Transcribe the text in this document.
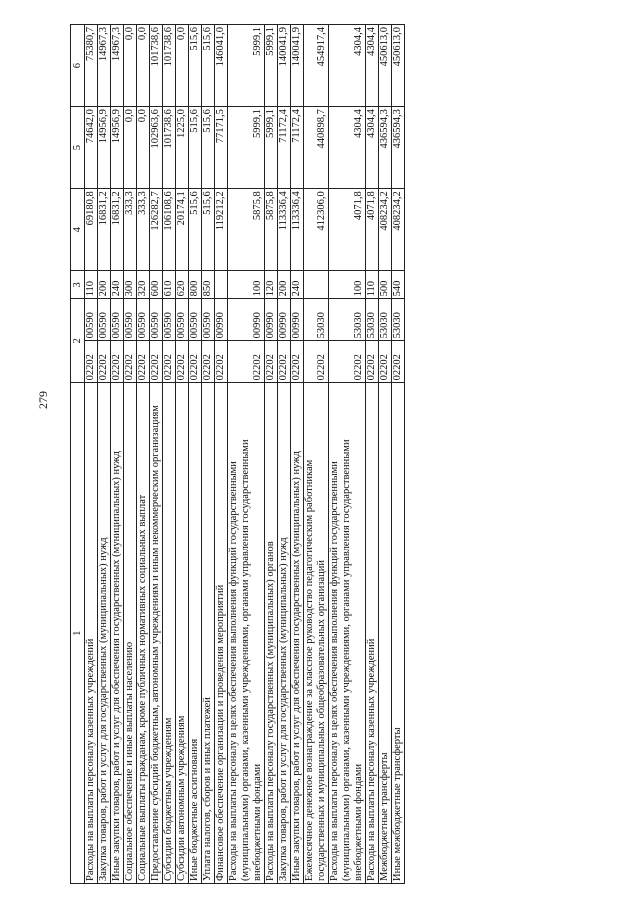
279
1	2		3	4	5	6
Расходы на выплаты персоналу казенных учреждений	02202	00590	110	69180,8	74642,0	75380,7
Закупка товаров, работ и услуг для государственных (муниципальных) нужд	02202	00590	200	16831,2	14956,9	14967,3
Иные закупки товаров, работ и услуг для обеспечения государственных (муниципальных) нужд	02202	00590	240	16831,2	14956,9	14967,3
Социальное обеспечение и иные выплаты населению	02202	00590	300	333,3	0,0	0,0
Социальные выплаты гражданам, кроме публичных нормативных социальных выплат	02202	00590	320	333,3	0,0	0,0
Предоставление субсидий бюджетным, автономным учреждениям и иным некоммерческим организациям	02202	00590	600	126282,7	102963,6	101738,6
Субсидии бюджетным учреждениям	02202	00590	610	106108,6	101738,6	101738,6
Субсидии автономным учреждениям	02202	00590	620	20174,1	1225,0	0,0
Иные бюджетные ассигнования	02202	00590	800	515,6	515,6	515,6
Уплата налогов, сборов и иных платежей	02202	00590	850	515,6	515,6	515,6
Финансовое обеспечение организации и проведения мероприятий	02202	00990		119212,2	77171,5	146041,0
Расходы на выплаты персоналу в целях обеспечения выполнения функций государственными (муниципальными) органами, казенными учреждениями, органами управления государственными внебюджетными фондами	02202	00990	100	5875,8	5999,1	5999,1
Расходы на выплаты персоналу государственных (муниципальных) органов	02202	00990	120	5875,8	5999,1	5999,1
Закупка товаров, работ и услуг для государственных (муниципальных) нужд	02202	00990	200	113336,4	71172,4	140041,9
Иные закупки товаров, работ и услуг для обеспечения государственных (муниципальных) нужд	02202	00990	240	113336,4	71172,4	140041,9
Ежемесячное денежное вознаграждение за классное руководство педагогическим работникам государственных и муниципальных общеобразовательных организаций	02202	53030		412306,0	440898,7	454917,4
Расходы на выплаты персоналу в целях обеспечения выполнения функций государственными (муниципальными) органами, казенными учреждениями, органами управления государственными внебюджетными фондами	02202	53030	100	4071,8	4304,4	4304,4
Расходы на выплаты персоналу казенных учреждений	02202	53030	110	4071,8	4304,4	4304,4
Межбюджетные трансферты	02202	53030	500	408234,2	436594,3	450613,0
Иные межбюджетные трансферты	02202	53030	540	408234,2	436594,3	450613,0
